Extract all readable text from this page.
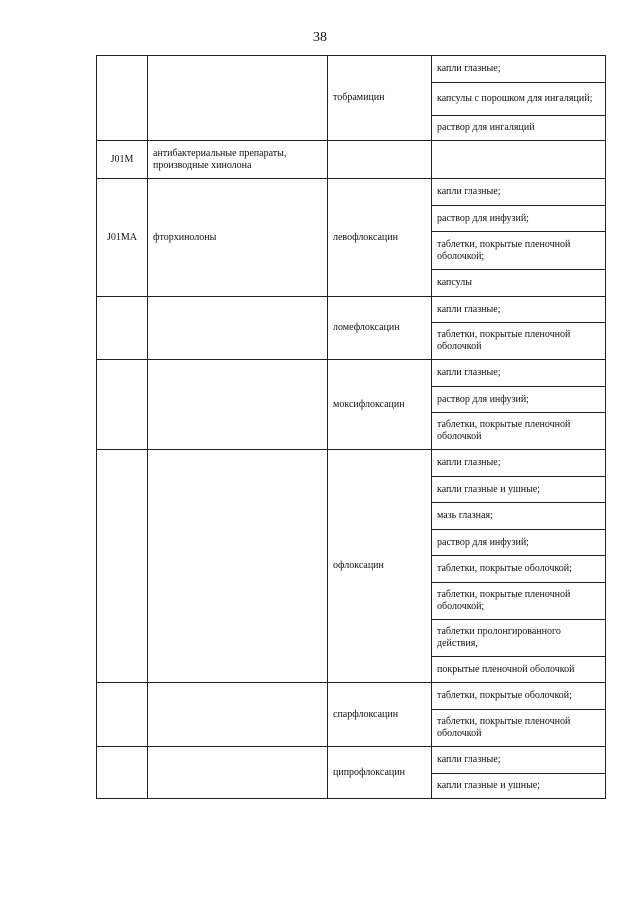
38
		тобрамицин	капли глазные;
			капсулы с порошком для ингаляций;
			раствор для ингаляций
J01M	антибактериальные препараты, производные хинолона		
J01MA	фторхинолоны	левофлоксацин	капли глазные;
			раствор для инфузий;
			таблетки, покрытые пленочной оболочкой;
			капсулы
		ломефлоксацин	капли глазные;
			таблетки, покрытые пленочной оболочкой
		моксифлоксацин	капли глазные;
			раствор для инфузий;
			таблетки, покрытые пленочной оболочкой
		офлоксацин	капли глазные;
			капли глазные и ушные;
			мазь глазная;
			раствор для инфузий;
			таблетки, покрытые оболочкой;
			таблетки, покрытые пленочной оболочкой;
			таблетки пролонгированного действия,
			покрытые пленочной оболочкой
		спарфлоксацин	таблетки, покрытые оболочкой;
			таблетки, покрытые пленочной оболочкой
		ципрофлоксацин	капли глазные;
			капли глазные и ушные;
